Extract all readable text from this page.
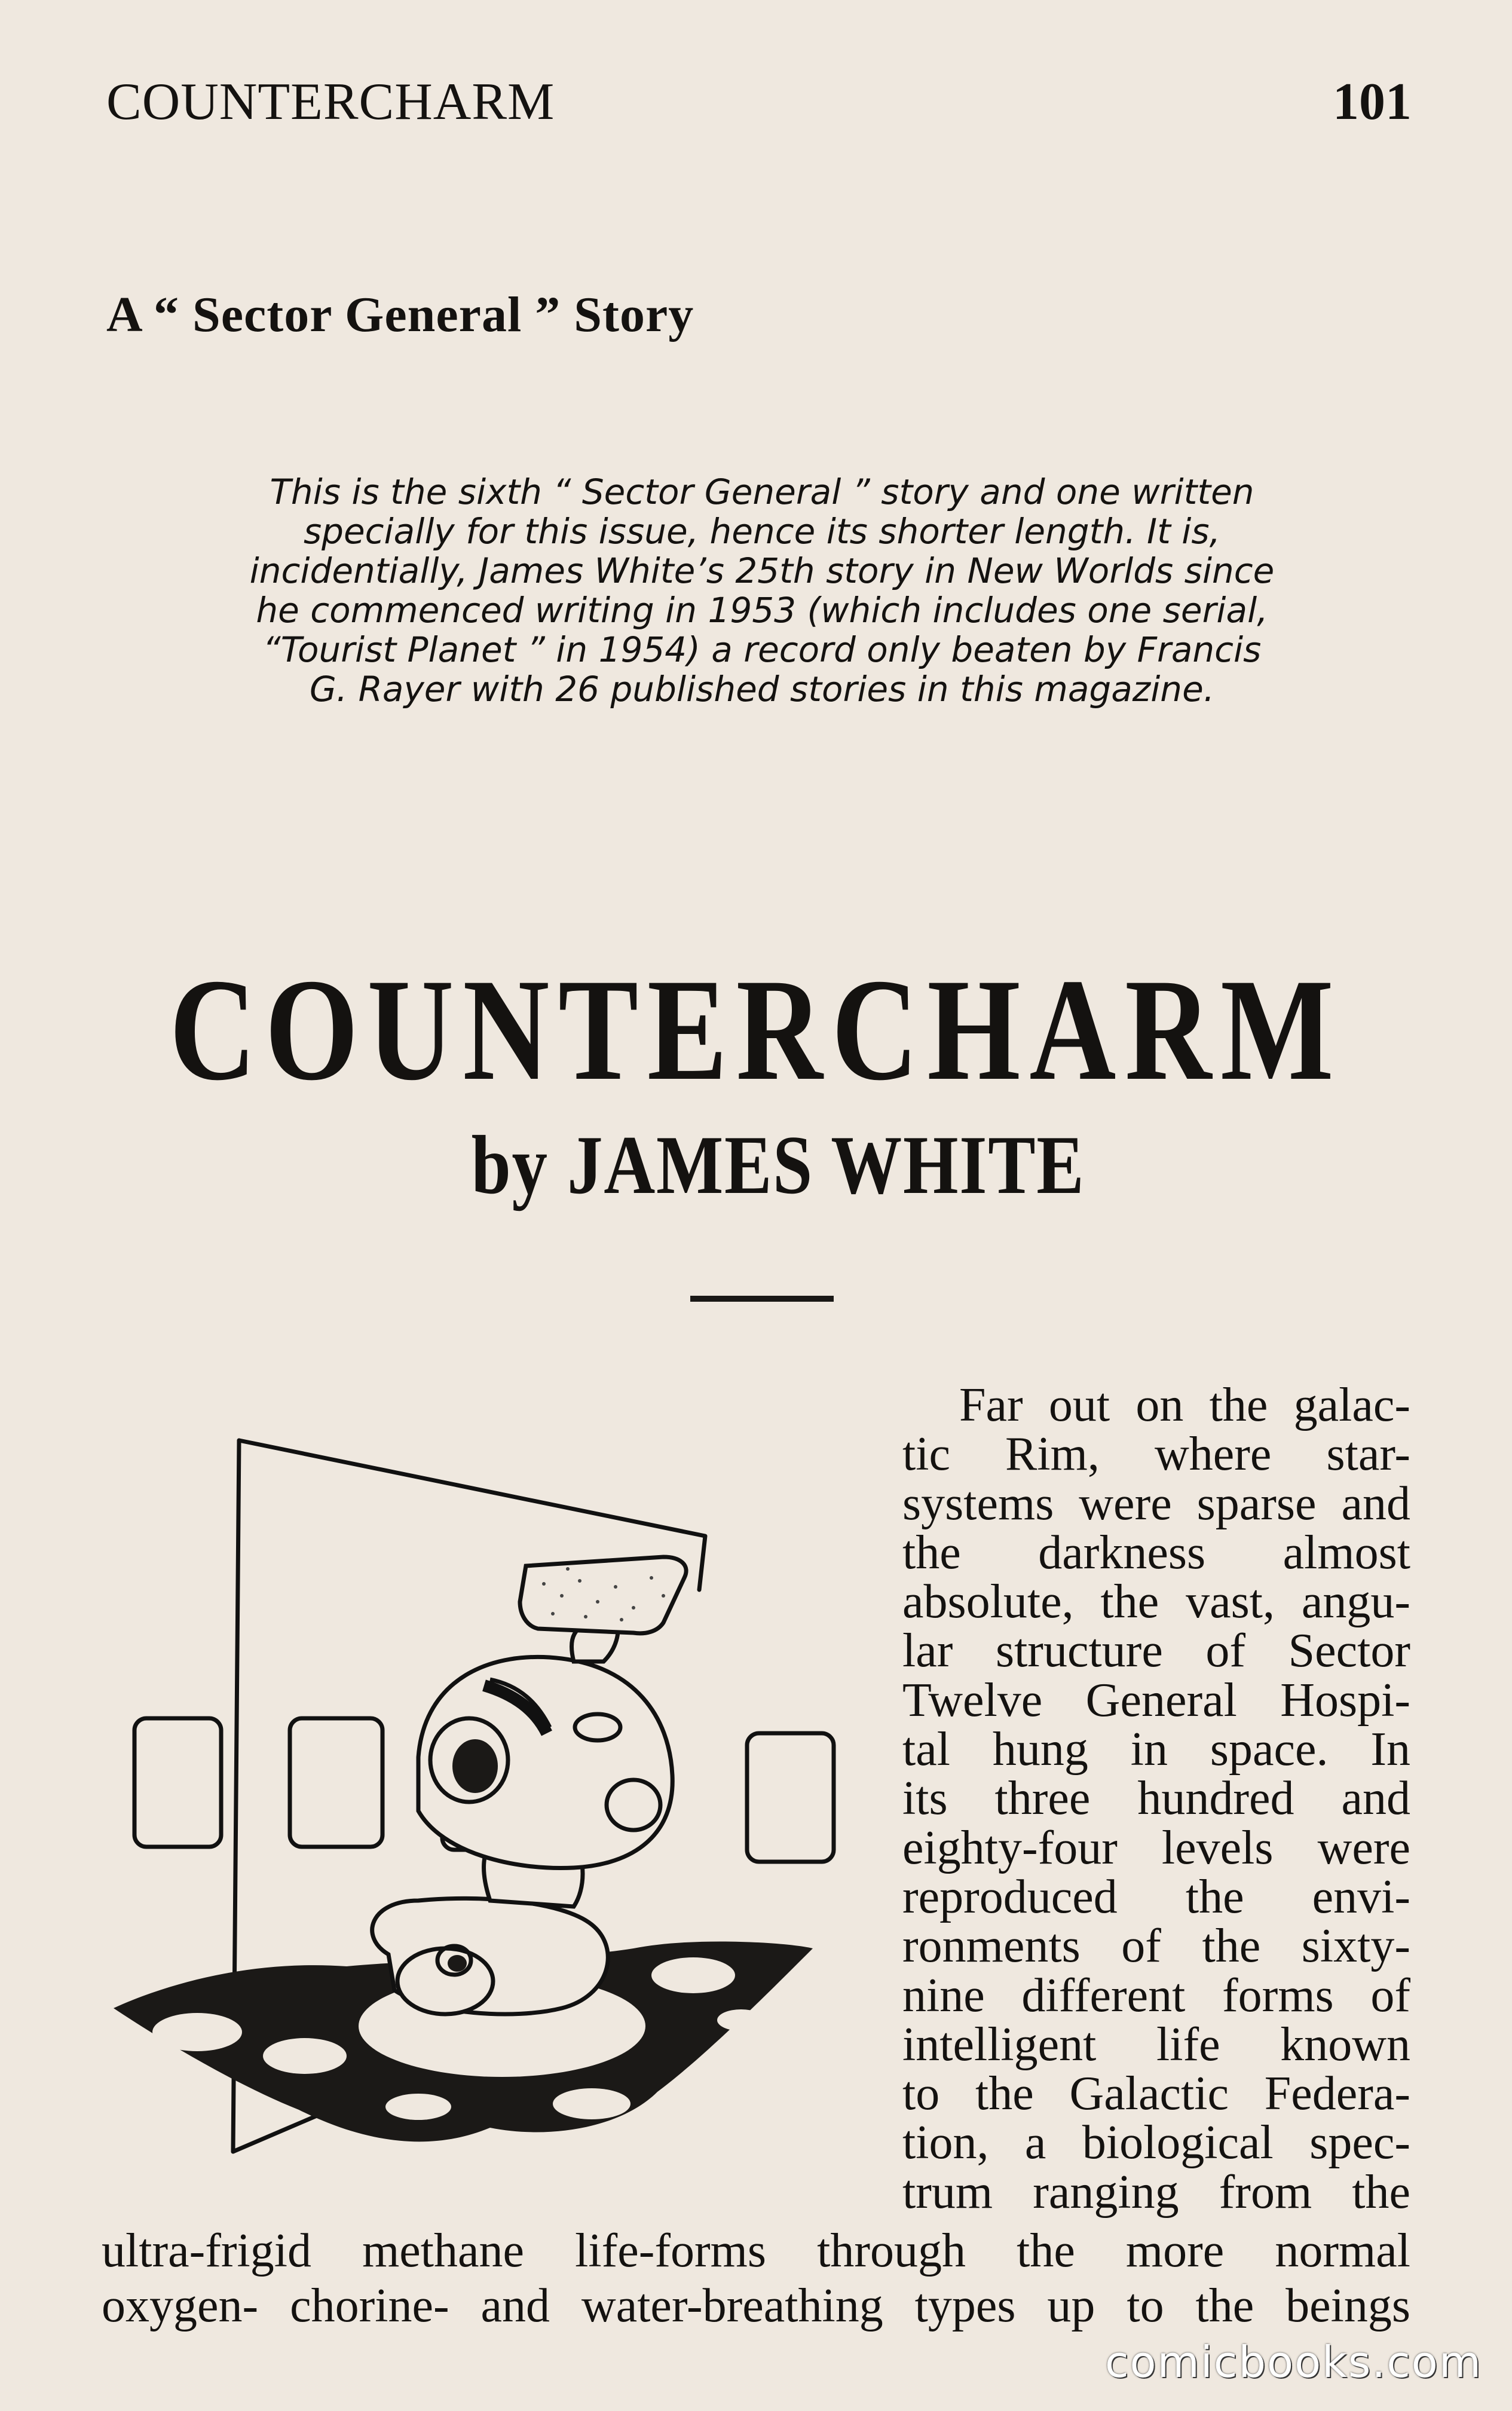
COUNTERCHARM	101
A “ Sector General ” Story
This is the sixth “ Sector General ” story and one written
specially for this issue, hence its shorter length. It is,
incidentially, James White’s 25th story in New Worlds since
he commenced writing in 1953 (which includes one serial,
“Tourist Planet ” in 1954) a record only beaten by Francis
G. Rayer with 26 published stories in this magazine.
COUNTERCHARM
by JAMES WHITE
Far out on the galac-
tic Rim, where star-
systems were sparse and
the darkness almost
absolute, the vast, angu-
lar structure of Sector
Twelve General Hospi-
tal hung in space. In
its three hundred and
eighty-four levels were
reproduced the envi-
ronments of the sixty-
nine different forms of
intelligent life known
to the Galactic Federa-
tion, a biological spec-
trum ranging from the
ultra-frigid methane life-forms through the more normal
oxygen- chorine- and water-breathing types up to the beings
comicbooks.com
